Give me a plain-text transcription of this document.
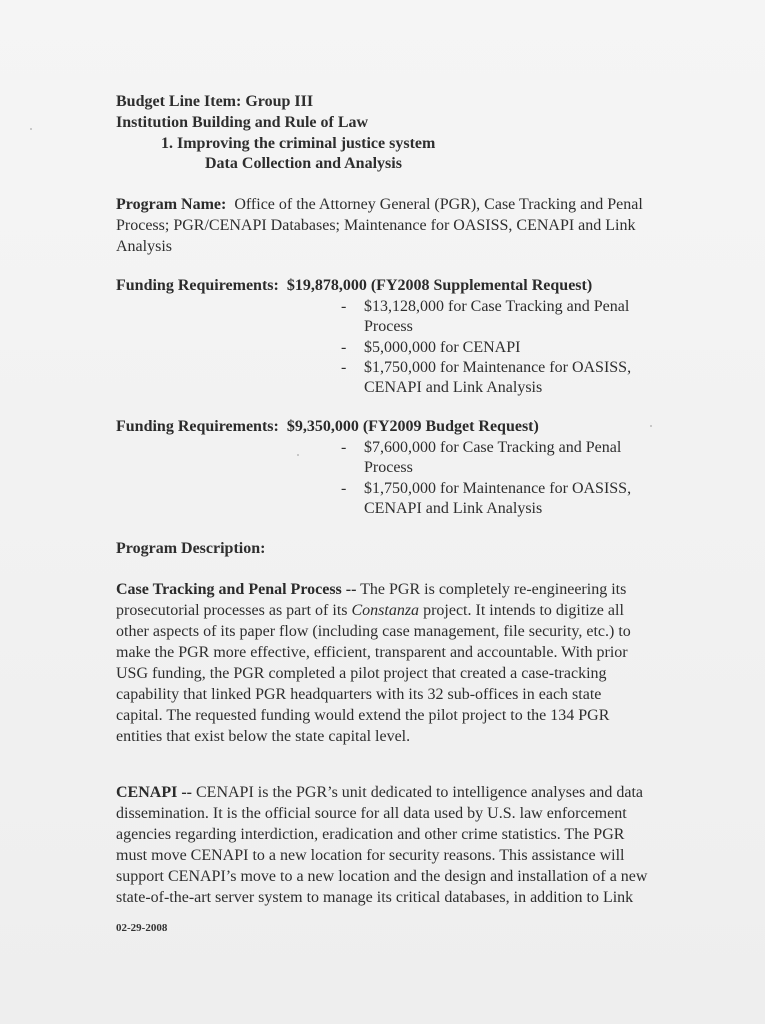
Budget Line Item: Group III
Institution Building and Rule of Law
1. Improving the criminal justice system
Data Collection and Analysis
Program Name: Office of the Attorney General (PGR), Case Tracking and Penal
Process; PGR/CENAPI Databases; Maintenance for OASISS, CENAPI and Link
Analysis
Funding Requirements: $19,878,000 (FY2008 Supplemental Request)
- $13,128,000 for Case Tracking and Penal
Process
- $5,000,000 for CENAPI
- $1,750,000 for Maintenance for OASISS,
CENAPI and Link Analysis
Funding Requirements: $9,350,000 (FY2009 Budget Request)
- $7,600,000 for Case Tracking and Penal
Process
- $1,750,000 for Maintenance for OASISS,
CENAPI and Link Analysis
Program Description:
Case Tracking and Penal Process -- The PGR is completely re-engineering its
prosecutorial processes as part of its Constanza project. It intends to digitize all
other aspects of its paper flow (including case management, file security, etc.) to
make the PGR more effective, efficient, transparent and accountable. With prior
USG funding, the PGR completed a pilot project that created a case-tracking
capability that linked PGR headquarters with its 32 sub-offices in each state
capital. The requested funding would extend the pilot project to the 134 PGR
entities that exist below the state capital level.
CENAPI -- CENAPI is the PGR’s unit dedicated to intelligence analyses and data
dissemination. It is the official source for all data used by U.S. law enforcement
agencies regarding interdiction, eradication and other crime statistics. The PGR
must move CENAPI to a new location for security reasons. This assistance will
support CENAPI’s move to a new location and the design and installation of a new
state-of-the-art server system to manage its critical databases, in addition to Link
02-29-2008
